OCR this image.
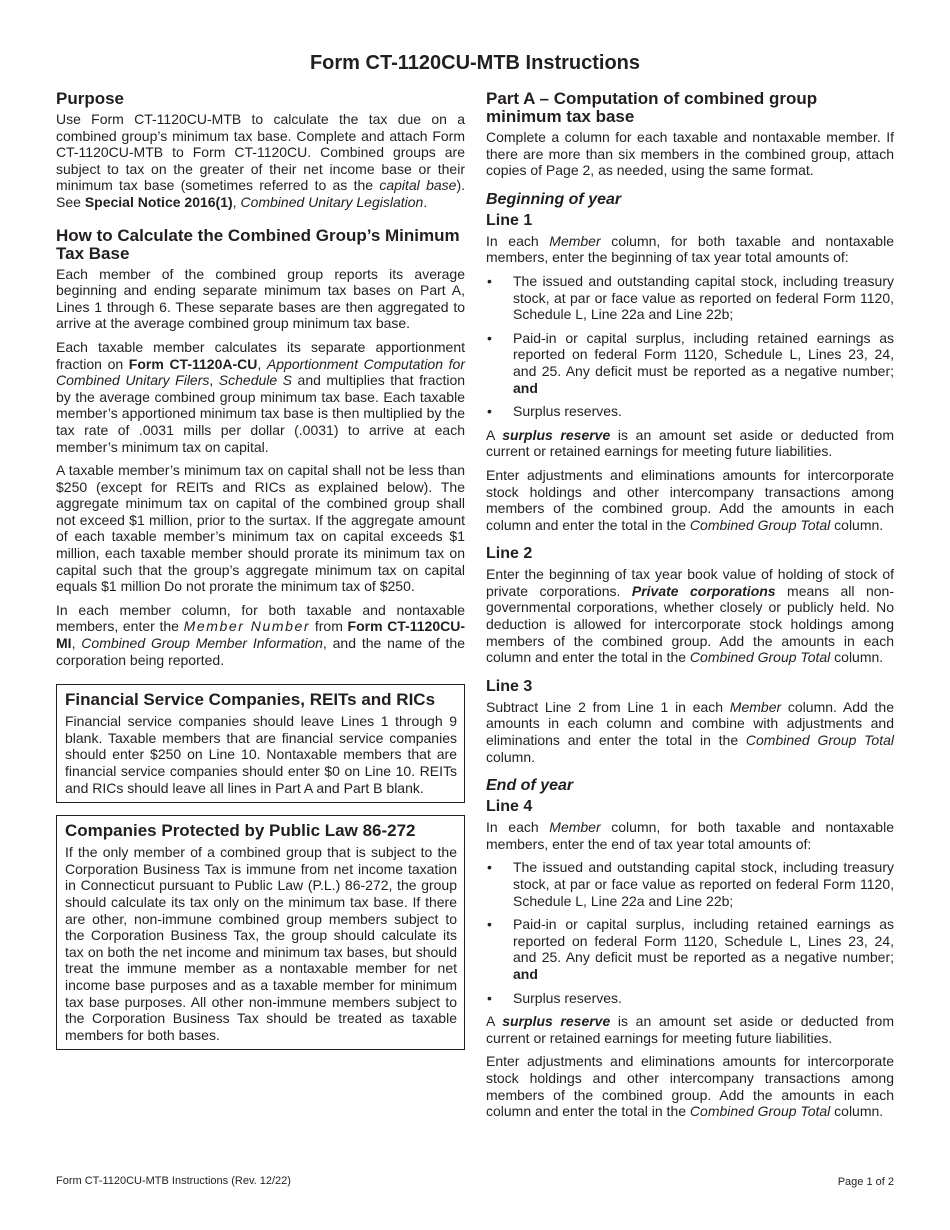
Form CT-1120CU-MTB Instructions
Purpose

Use Form CT-1120CU-MTB to calculate the tax due on a combined group’s minimum tax base. Complete and attach Form CT-1120CU-MTB to Form CT-1120CU. Combined groups are subject to tax on the greater of their net income base or their minimum tax base (sometimes referred to as the capital base). See Special Notice 2016(1), Combined Unitary Legislation.

How to Calculate the Combined Group’s Minimum Tax Base

Each member of the combined group reports its average beginning and ending separate minimum tax bases on Part A, Lines 1 through 6. These separate bases are then aggregated to arrive at the average combined group minimum tax base.

Each taxable member calculates its separate apportionment fraction on Form CT-1120A-CU, Apportionment Computation for Combined Unitary Filers, Schedule S and multiplies that fraction by the average combined group minimum tax base. Each taxable member’s apportioned minimum tax base is then multiplied by the tax rate of .0031 mills per dollar (.0031) to arrive at each member’s minimum tax on capital.

A taxable member’s minimum tax on capital shall not be less than $250 (except for REITs and RICs as explained below). The aggregate minimum tax on capital of the combined group shall not exceed $1 million, prior to the surtax. If the aggregate amount of each taxable member’s minimum tax on capital exceeds $1 million, each taxable member should prorate its minimum tax on capital such that the group’s aggregate minimum tax on capital equals $1 million Do not prorate the minimum tax of $250.

In each member column, for both taxable and nontaxable members, enter the Member Number from Form CT-1120CU-MI, Combined Group Member Information, and the name of the corporation being reported.

Financial Service Companies, REITs and RICs

Financial service companies should leave Lines 1 through 9 blank. Taxable members that are financial service companies should enter $250 on Line 10. Nontaxable members that are financial service companies should enter $0 on Line 10. REITs and RICs should leave all lines in Part A and Part B blank.

Companies Protected by Public Law 86-272

If the only member of a combined group that is subject to the Corporation Business Tax is immune from net income taxation in Connecticut pursuant to Public Law (P.L.) 86-272, the group should calculate its tax only on the minimum tax base. If there are other, non-immune combined group members subject to the Corporation Business Tax, the group should calculate its tax on both the net income and minimum tax bases, but should treat the immune member as a nontaxable member for net income base purposes and as a taxable member for minimum tax base purposes. All other non-immune members subject to the Corporation Business Tax should be treated as taxable members for both bases.

Part A – Computation of combined group minimum tax base

Complete a column for each taxable and nontaxable member. If there are more than six members in the combined group, attach copies of Page 2, as needed, using the same format.

Beginning of year
Line 1

In each Member column, for both taxable and nontaxable members, enter the beginning of tax year total amounts of:

• The issued and outstanding capital stock, including treasury stock, at par or face value as reported on federal Form 1120, Schedule L, Line 22a and Line 22b;
• Paid-in or capital surplus, including retained earnings as reported on federal Form 1120, Schedule L, Lines 23, 24, and 25. Any deficit must be reported as a negative number; and
• Surplus reserves.

A surplus reserve is an amount set aside or deducted from current or retained earnings for meeting future liabilities.

Enter adjustments and eliminations amounts for intercorporate stock holdings and other intercompany transactions among members of the combined group. Add the amounts in each column and enter the total in the Combined Group Total column.

Line 2

Enter the beginning of tax year book value of holding of stock of private corporations. Private corporations means all non-governmental corporations, whether closely or publicly held. No deduction is allowed for intercorporate stock holdings among members of the combined group. Add the amounts in each column and enter the total in the Combined Group Total column.

Line 3

Subtract Line 2 from Line 1 in each Member column. Add the amounts in each column and combine with adjustments and eliminations and enter the total in the Combined Group Total column.

End of year
Line 4

In each Member column, for both taxable and nontaxable members, enter the end of tax year total amounts of:

• The issued and outstanding capital stock, including treasury stock, at par or face value as reported on federal Form 1120, Schedule L, Line 22a and Line 22b;
• Paid-in or capital surplus, including retained earnings as reported on federal Form 1120, Schedule L, Lines 23, 24, and 25. Any deficit must be reported as a negative number; and
• Surplus reserves.

A surplus reserve is an amount set aside or deducted from current or retained earnings for meeting future liabilities.

Enter adjustments and eliminations amounts for intercorporate stock holdings and other intercompany transactions among members of the combined group. Add the amounts in each column and enter the total in the Combined Group Total column.

Form CT-1120CU-MTB Instructions (Rev. 12/22)	Page 1 of 2
